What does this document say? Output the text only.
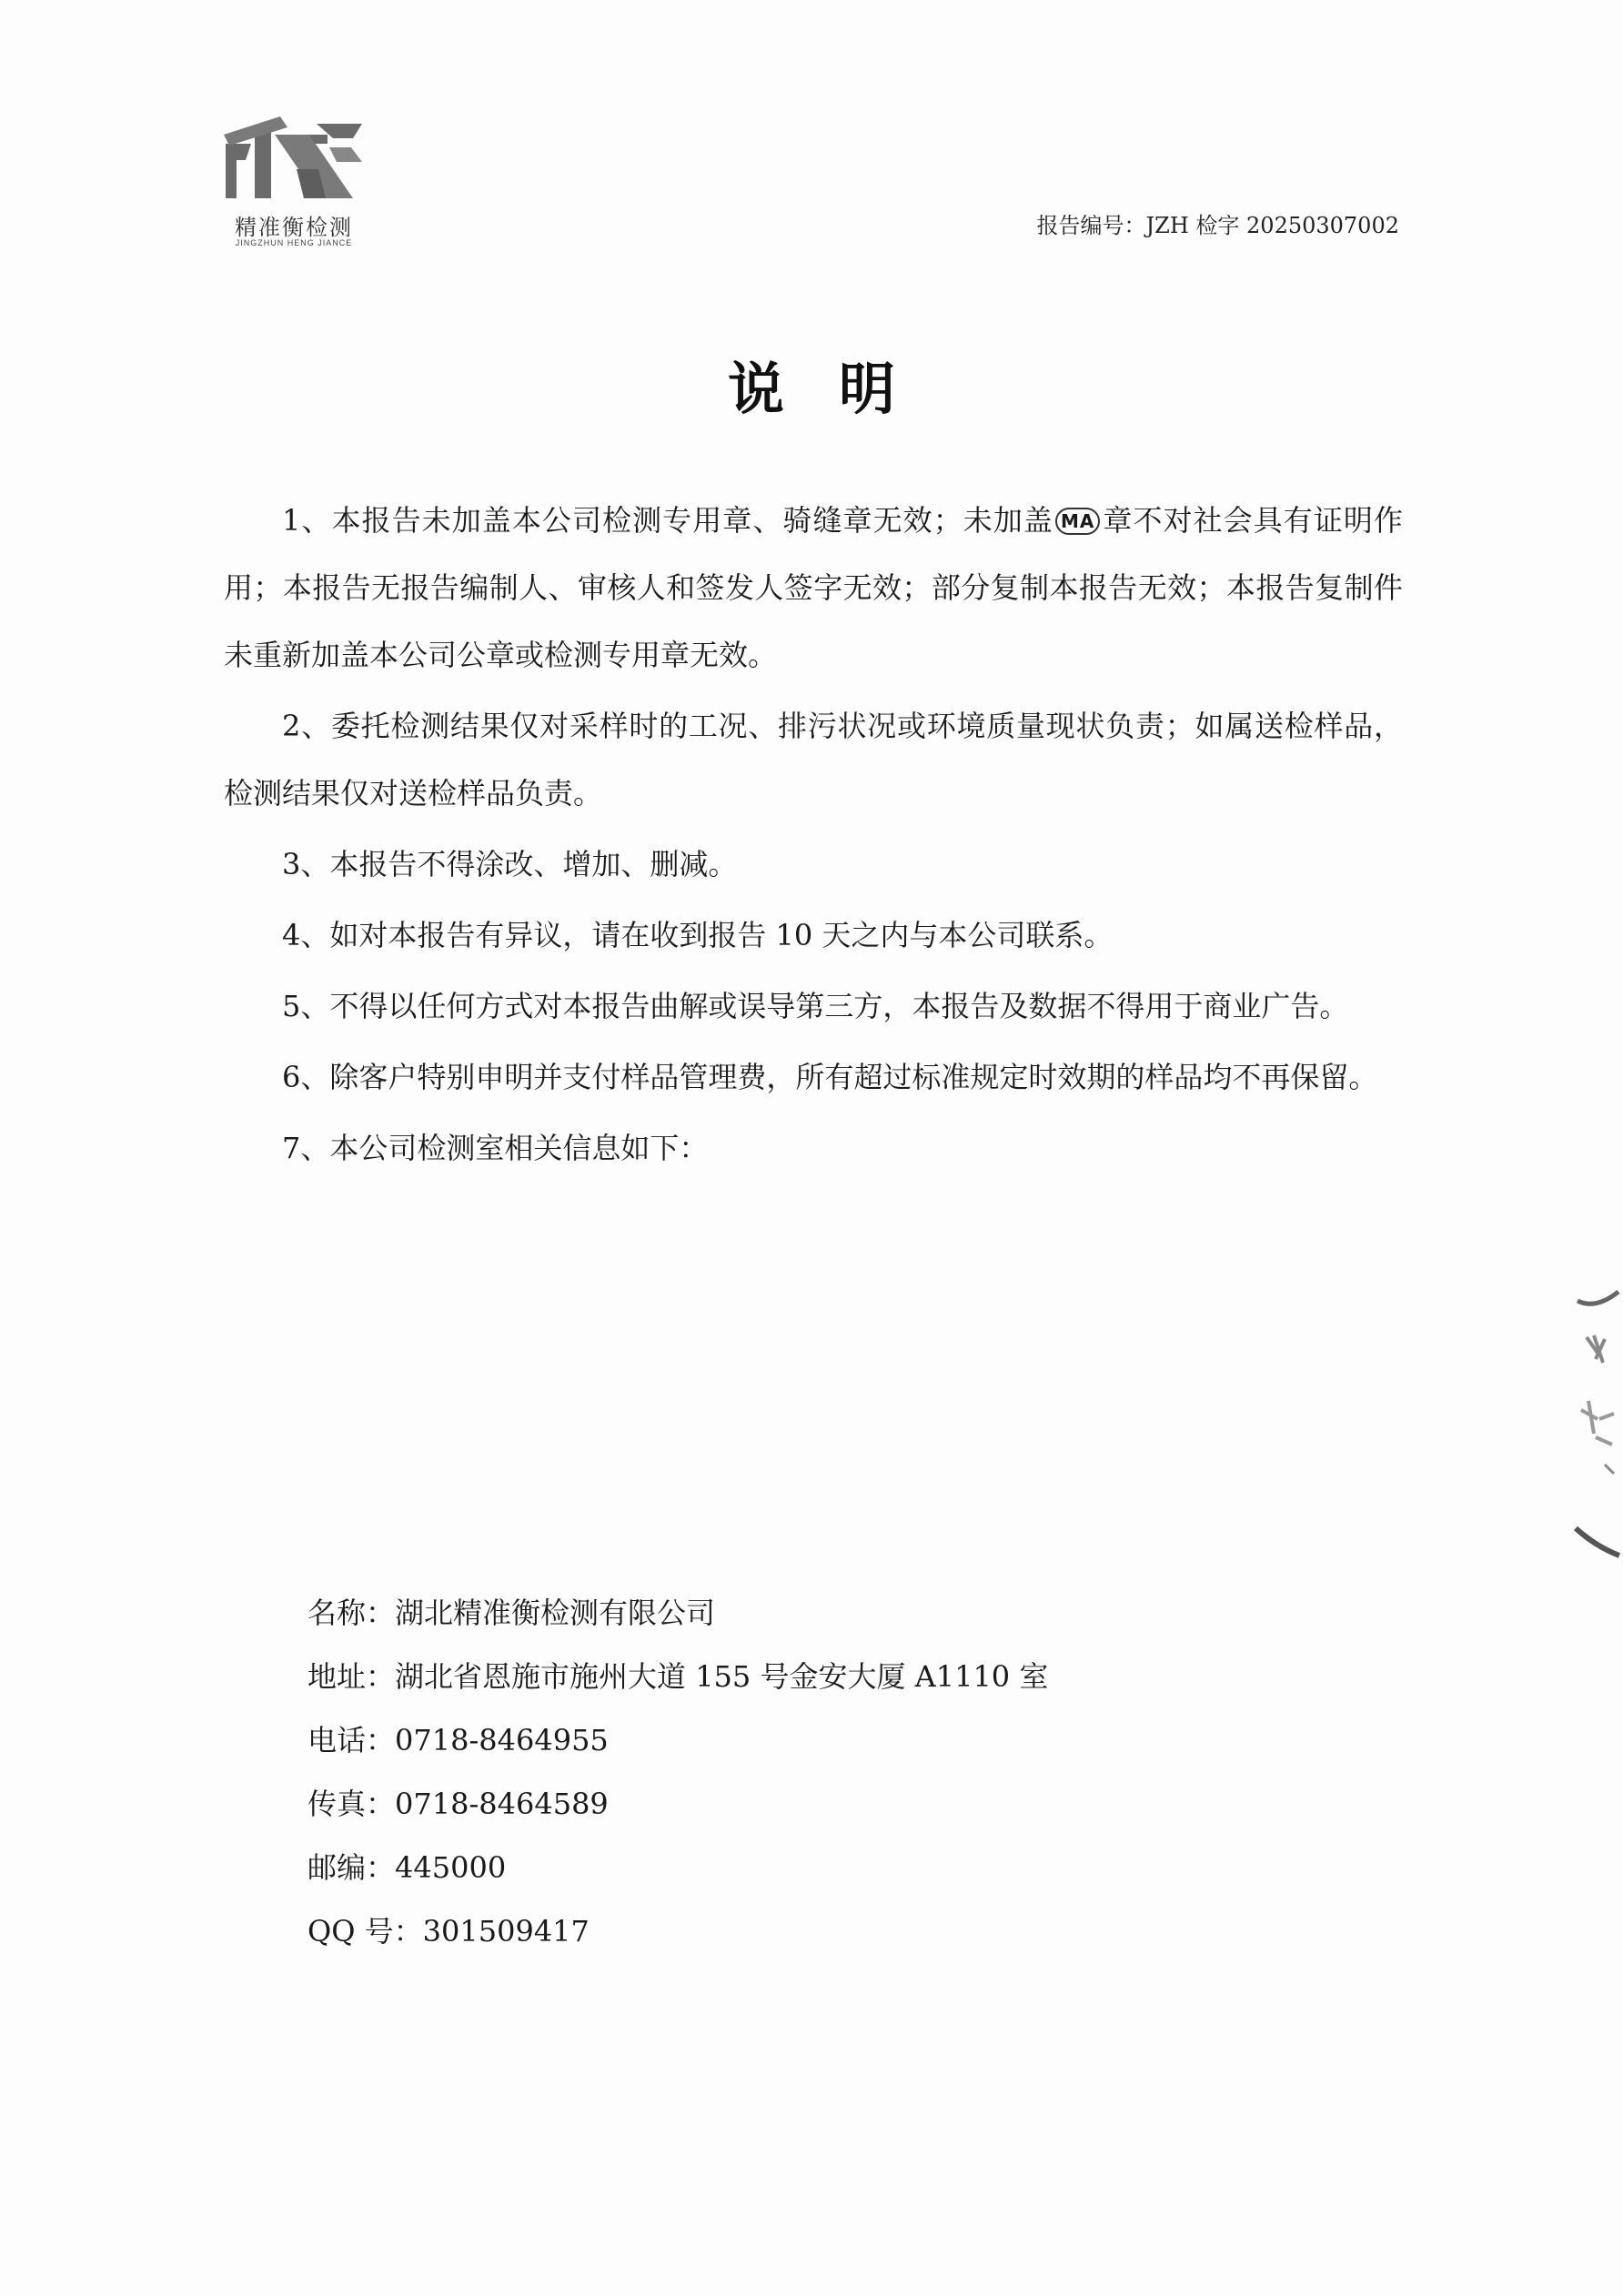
精准衡检测
JINGZHUN HENG JIANCE
报告编号：JZH 检字 20250307002
说明

1、本报告未加盖本公司检测专用章、骑缝章无效；未加盖 MA 章不对社会具有证明作用；本报告无报告编制人、审核人和签发人签字无效；部分复制本报告无效；本报告复制件未重新加盖本公司公章或检测专用章无效。

2、委托检测结果仅对采样时的工况、排污状况或环境质量现状负责；如属送检样品，检测结果仅对送检样品负责。

3、本报告不得涂改、增加、删减。

4、如对本报告有异议，请在收到报告 10 天之内与本公司联系。

5、不得以任何方式对本报告曲解或误导第三方，本报告及数据不得用于商业广告。

6、除客户特别申明并支付样品管理费，所有超过标准规定时效期的样品均不再保留。

7、本公司检测室相关信息如下：

名称：湖北精准衡检测有限公司
地址：湖北省恩施市施州大道 155 号金安大厦 A1110 室
电话：0718-8464955
传真：0718-8464589
邮编：445000
QQ 号：301509417
